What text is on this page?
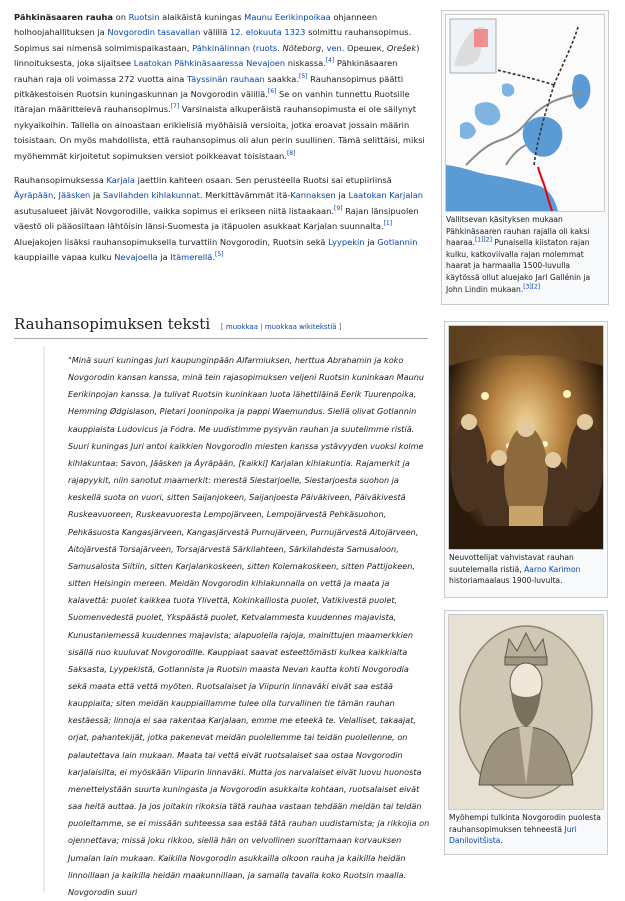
Pähkinäsaaren rauha on Ruotsin alaikäistä kuningas Maunu Eerikinpoikaa ohjanneen holhoojahallituksen ja Novgorodin tasavallan välillä 12. elokuuta 1323 solmittu rauhansopimus. Sopimus sai nimensä solmimispaikastaan, Pähkinälinnan (ruots. Nöteborg, ven. Орешек, Orešek) linnoituksesta, joka sijaitsee Laatokan Pähkinäsaaressa Nevajoen niskassa.[4] Pähkinäsaaren rauhan raja oli voimassa 272 vuotta aina Täyssinän rauhaan saakka.[5] Rauhansopimus päätti pitkäkestoisen Ruotsin kuningaskunnan ja Novgorodin välillä.[6] Se on vanhin tunnettu Ruotsille itärajan määrittelevä rauhansopimus.[7] Varsinaista alkuperäistä rauhansopimusta ei ole säilynyt nykyaikoihin. Tallella on ainoastaan erikielisiä myöhäisiä versioita, jotka eroavat jossain määrin toisistaan. On myös mahdollista, että rauhansopimus oli alun perin suullinen. Tämä selittäisi, miksi myöhemmät kirjoitetut sopimuksen versiot poikkeavat toisistaan.[8]

Rauhansopimuksessa Karjala jaettiin kahteen osaan. Sen perusteella Ruotsi sai etupiiriinsä Äyräpään, Jääsken ja Savilahden kihlakunnat. Merkittävämmät itä-Kannaksen ja Laatokan Karjalan asutusalueet jäivät Novgorodille, vaikka sopimus ei erikseen niitä listaakaan.[9] Rajan länsipuolen väestö oli pääosiltaan lähtöisin länsi-Suomesta ja itäpuolen asukkaat Karjalan suunnalta.[1] Aluejakojen lisäksi rauhansopimuksella turvattiin Novgorodin, Ruotsin sekä Lyypekin ja Gotlannin kauppiaille vapaa kulku Nevajoella ja Itämerellä.[5]

Rauhansopimuksen teksti [ muokkaa | muokkaa wikitekstiä ]
"Minä suuri kuningas Juri kaupunginpään Alfarmiuksen, herttua Abrahamin ja koko Novgorodin kansan kanssa, minä tein rajasopimuksen veljeni Ruotsin kuninkaan Maunu Eerikinpojan kanssa. Ja tulivat Ruotsin kuninkaan luota lähettiläinä Eerik Tuurenpoika, Hemming Ødgislason, Pietari Jooninpoika ja pappi Waemundus. Siellä olivat Gotlannin kauppiaista Ludovicus ja Fodra. Me uudistimme pysyvän rauhan ja suutelimme ristiä. Suuri kuningas Juri antoi kaikkien Novgorodin miesten kanssa ystävyyden vuoksi kolme kihlakuntaa: Savon, Jääsken ja Äyräpään, [kaikki] Karjalan kihlakuntia. Rajamerkit ja rajapyykit, niin sanotut maamerkit: merestä Siestarjoelle, Siestarjoesta suohon ja keskellä suota on vuori, sitten Saijanjokeen, Saijanjoesta Päiväkiveen, Päiväkivestä Ruskeavuoreen, Ruskeavuoresta Lempojärveen, Lempojärvestä Pehkäsuohon, Pehkäsuosta Kangasjärveen, Kangasjärvestä Purnujärveen, Purnujärvestä Aitojärveen, Aitojärvestä Torsajärveen, Torsajärvestä Särkilahteen, Särkilahdesta Samusaloon, Samusalosta Siitiin, sitten Karjalankoskeen, sitten Kolemakoskeen, sitten Pattijokeen, sitten Helsingin mereen. Meidän Novgorodin kihlakunnalla on vettä ja maata ja kalavettä: puolet kaikkea tuota Ylivettä, Kokinkalliosta puolet, Vatikivestä puolet, Suomenvedestä puolet, Ykspäästä puolet, Ketvalammesta kuudennes majavista, Kunustaniemessä kuudennes majavista; alapuolella rajoja, mainittujen maamerkkien sisällä nuo kuuluvat Novgorodille. Kauppiaat saavat esteettömästi kulkea kaikkialta Saksasta, Lyypekistä, Gotlannista ja Ruotsin maasta Nevan kautta kohti Novgorodia sekä maata että vettä myöten. Ruotsalaiset ja Viipurin linnaväki eivät saa estää kauppiaita; siten meidän kauppiaillamme tulee olla turvallinen tie tämän rauhan kestäessä; linnoja ei saa rakentaa Karjalaan, emme me eteekä te. Velalliset, takaajat, orjat, pahantekijät, jotka pakenevat meidän puolellemme tai teidän puolellenne, on palautettava lain mukaan. Maata tai vettä eivät ruotsalaiset saa ostaa Novgorodin karjalaisilta, ei myöskään Viipurin linnaväki. Mutta jos narvalaiset eivät luovu huonosta menettelystään suurta kuningasta ja Novgorodin asukkaita kohtaan, ruotsalaiset eivät saa heitä auttaa. Ja jos joitakin rikoksia tätä rauhaa vastaan tehdään meidän tai teidän puoleltamme, se ei missään suhteessa saa estää tätä rauhan uudistamista; ja rikkojia on ojennettava; missä joku rikkoo, siellä hän on velvollinen suorittamaan korvauksen Jumalan lain mukaan. Kaikilla Novgorodin asukkailla olkoon rauha ja kaikilla heidän linnoillaan ja kaikilla heidän maakunnillaan, ja samalla tavalla koko Ruotsin maalla. Novgorodin suuri
Vallitsevan käsityksen mukaan Pähkinäsaaren rauhan rajalla oli kaksi haaraa.[1][2] Punaisella kiistaton rajan kulku, katkoviivalla rajan molemmat haarat ja harmaalla 1500-luvulla käytössä ollut aluejako Jarl Gallénin ja John Lindin mukaan.[3][2]
Neuvottelijat vahvistavat rauhan suutelemalla ristiä, Aarno Karimon historiamaalaus 1900-luvulta.
Myöhempi tulkinta Novgorodin puolesta rauhansopimuksen tehneestä Juri Danilovitšista.
